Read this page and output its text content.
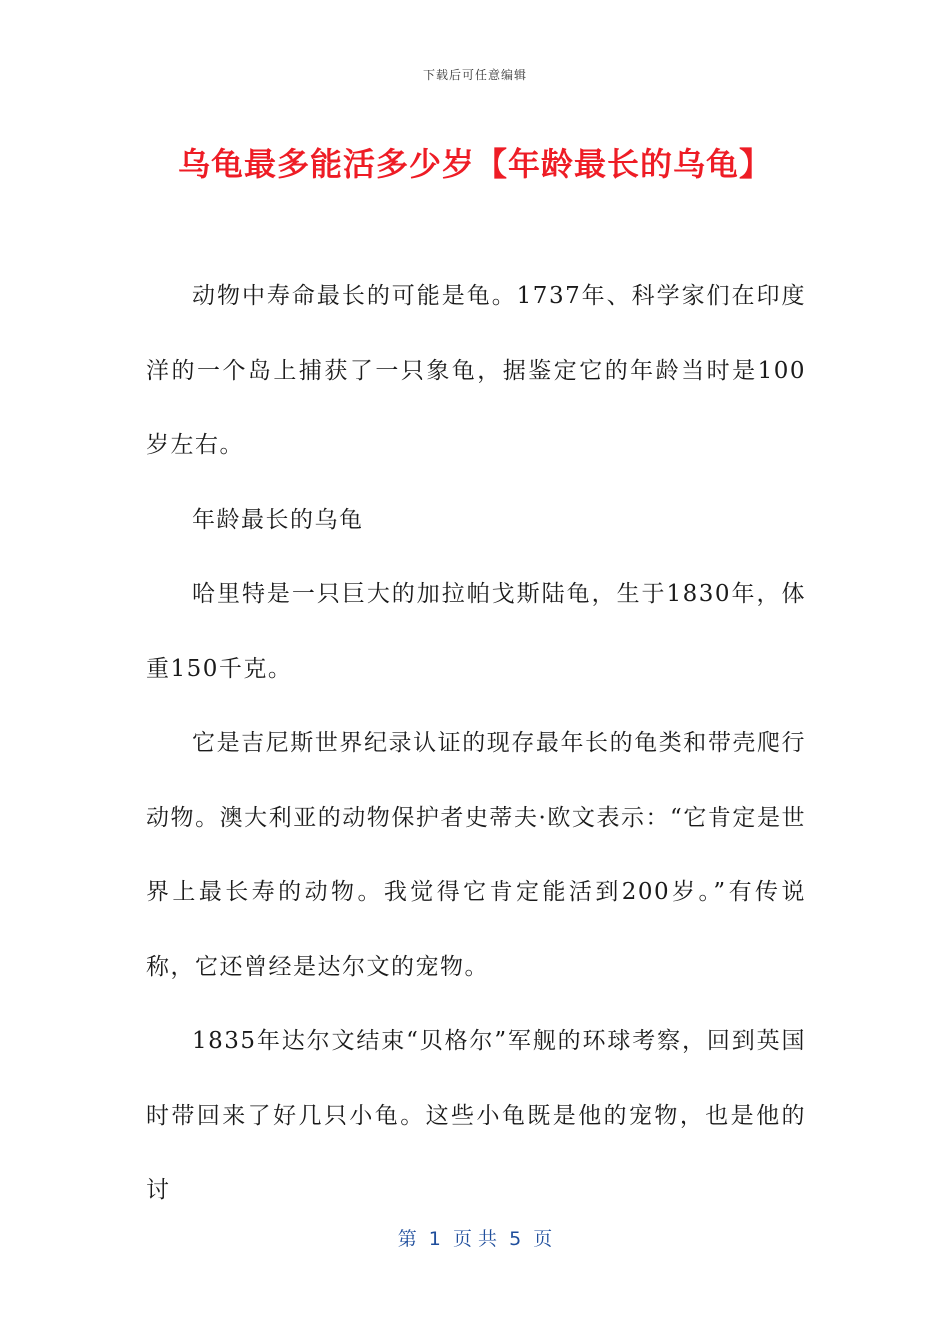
下载后可任意编辑
乌龟最多能活多少岁【年龄最长的乌龟】

动物中寿命最长的可能是龟。1737年、科学家们在印度洋的一个岛上捕获了一只象龟，据鉴定它的年龄当时是100岁左右。

年龄最长的乌龟

哈里特是一只巨大的加拉帕戈斯陆龟，生于1830年，体重150千克。

它是吉尼斯世界纪录认证的现存最年长的龟类和带壳爬行动物。澳大利亚的动物保护者史蒂夫·欧文表示：“它肯定是世界上最长寿的动物。我觉得它肯定能活到200岁。”有传说称，它还曾经是达尔文的宠物。

1835年达尔文结束“贝格尔”军舰的环球考察，回到英国时带回来了好几只小龟。这些小龟既是他的宠物，也是他的讨

第  1  页 共  5  页
